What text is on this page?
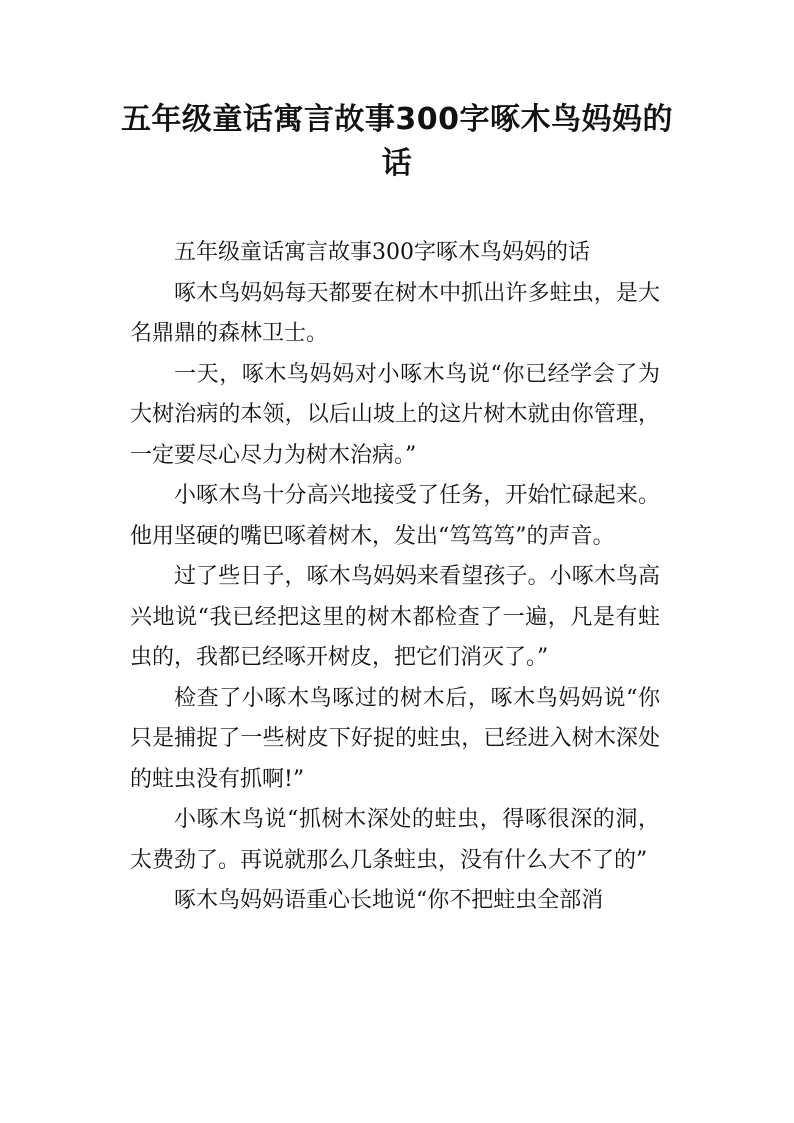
五年级童话寓言故事300字啄木鸟妈妈的话

五年级童话寓言故事300字啄木鸟妈妈的话

啄木鸟妈妈每天都要在树木中抓出许多蛀虫，是大名鼎鼎的森林卫士。

一天，啄木鸟妈妈对小啄木鸟说“你已经学会了为大树治病的本领，以后山坡上的这片树木就由你管理，一定要尽心尽力为树木治病。”

小啄木鸟十分高兴地接受了任务，开始忙碌起来。他用坚硬的嘴巴啄着树木，发出“笃笃笃”的声音。

过了些日子，啄木鸟妈妈来看望孩子。小啄木鸟高兴地说“我已经把这里的树木都检查了一遍，凡是有蛀虫的，我都已经啄开树皮，把它们消灭了。”

检查了小啄木鸟啄过的树木后，啄木鸟妈妈说“你只是捕捉了一些树皮下好捉的蛀虫，已经进入树木深处的蛀虫没有抓啊!”

小啄木鸟说“抓树木深处的蛀虫，得啄很深的洞，太费劲了。再说就那么几条蛀虫，没有什么大不了的”

啄木鸟妈妈语重心长地说“你不把蛀虫全部消
